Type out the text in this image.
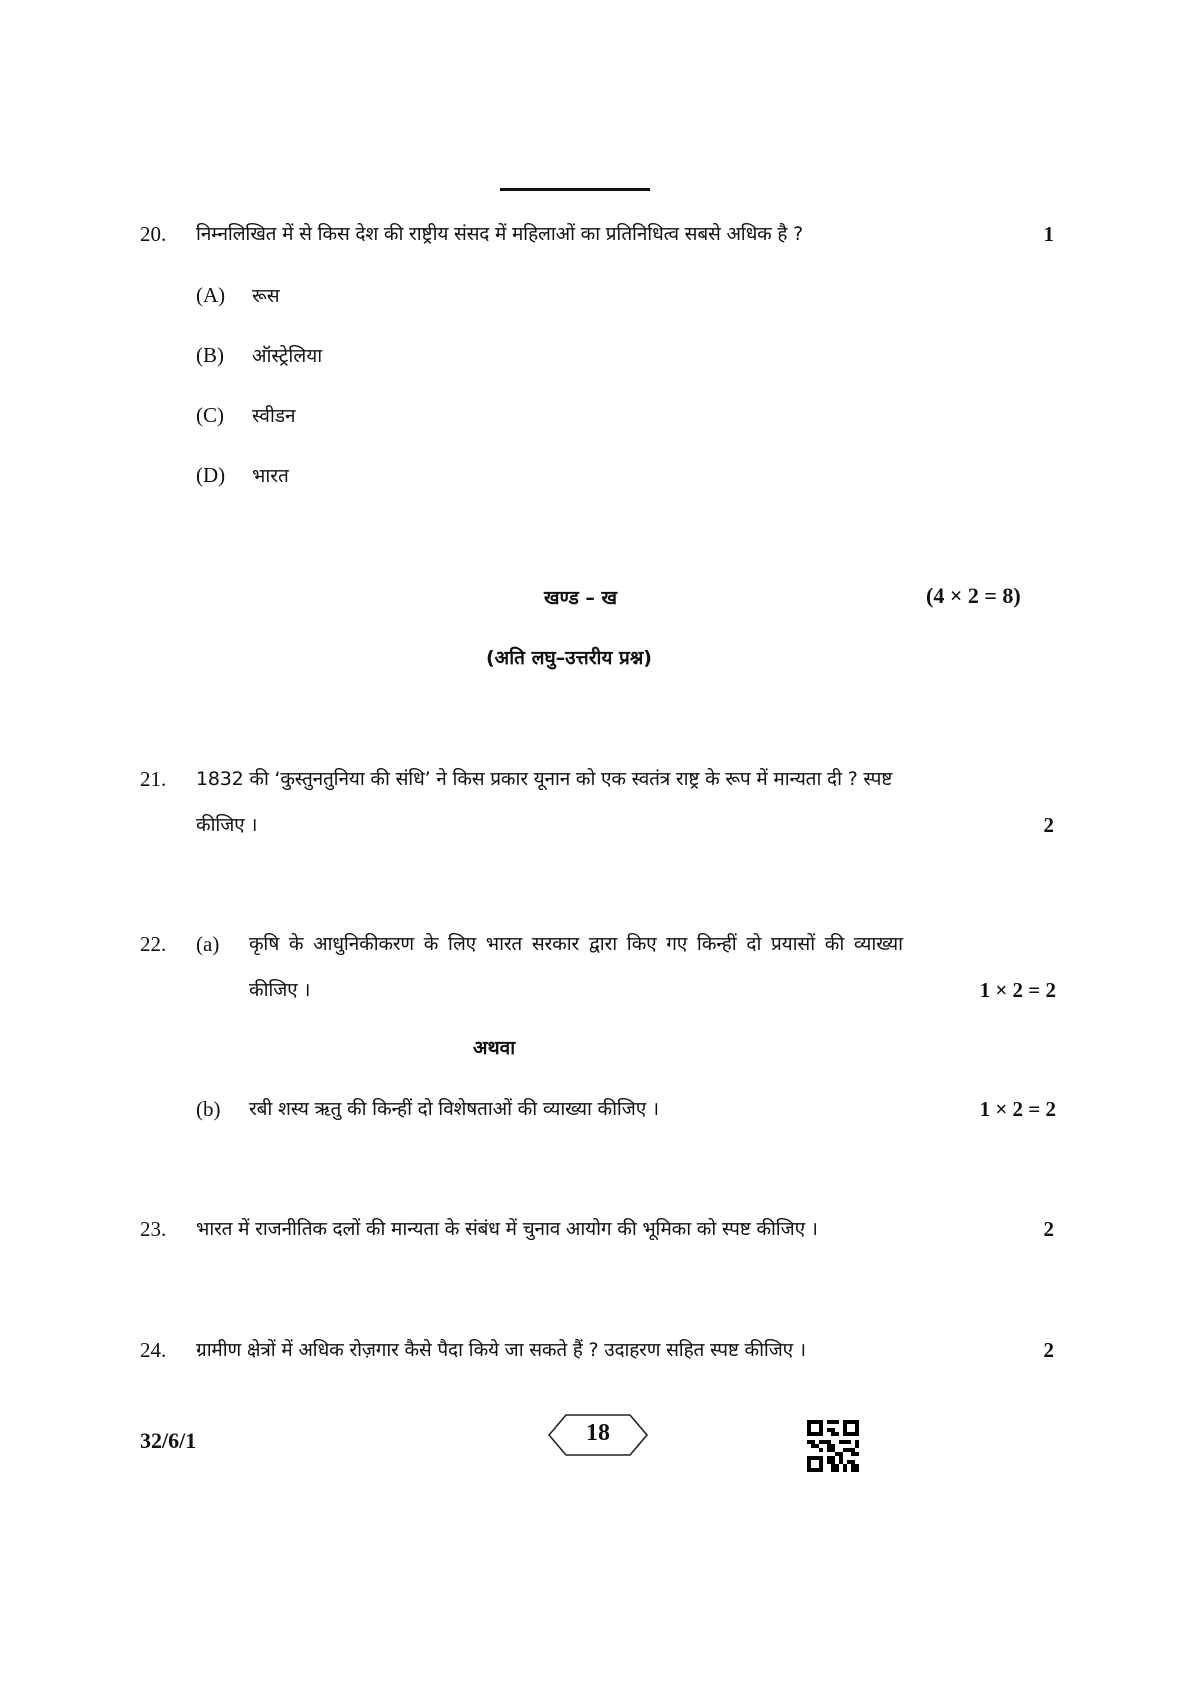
20. निम्नलिखित में से किस देश की राष्ट्रीय संसद में महिलाओं का प्रतिनिधित्व सबसे अधिक है ?	1
(A) रूस
(B) ऑस्ट्रेलिया
(C) स्वीडन
(D) भारत
खण्ड – ख	(4 × 2 = 8)
(अति लघु–उत्तरीय प्रश्न)
21. 1832 की ‘कुस्तुनतुनिया की संधि’ ने किस प्रकार यूनान को एक स्वतंत्र राष्ट्र के रूप में मान्यता दी ? स्पष्ट
कीजिए ।	2
22. (a) कृषि के आधुनिकीकरण के लिए भारत सरकार द्वारा किए गए किन्हीं दो प्रयासों की व्याख्या
कीजिए ।	1 × 2 = 2
अथवा
(b) रबी शस्य ऋतु की किन्हीं दो विशेषताओं की व्याख्या कीजिए ।	1 × 2 = 2
23. भारत में राजनीतिक दलों की मान्यता के संबंध में चुनाव आयोग की भूमिका को स्पष्ट कीजिए ।	2
24. ग्रामीण क्षेत्रों में अधिक रोज़गार कैसे पैदा किये जा सकते हैं ? उदाहरण सहित स्पष्ट कीजिए ।	2
32/6/1	18
